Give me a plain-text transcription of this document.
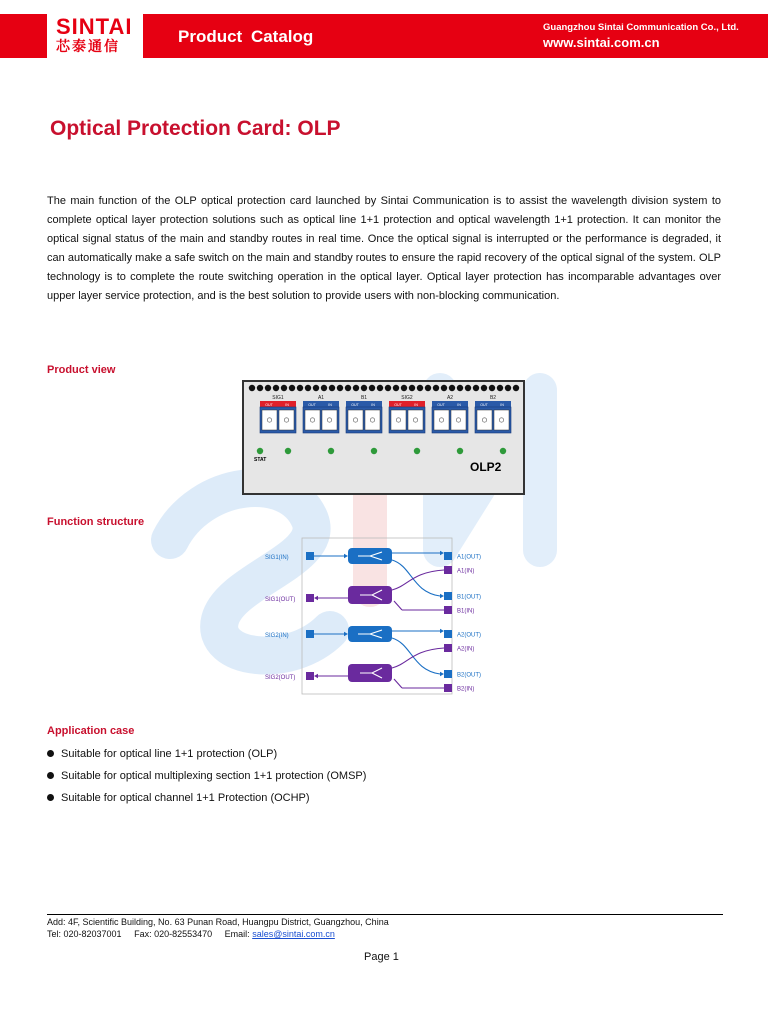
SINTAI
芯泰通信	Product Catalog	Guangzhou Sintai Communication Co., Ltd.
www.sintai.com.cn
Optical Protection Card: OLP
The main function of the OLP optical protection card launched by Sintai Communication is to assist the wavelength division system to complete optical layer protection solutions such as optical line 1+1 protection and optical wavelength 1+1 protection. It can monitor the optical signal status of the main and standby routes in real time. Once the optical signal is interrupted or the performance is degraded, it can automatically make a safe switch on the main and standby routes to ensure the rapid recovery of the optical signal of the system. OLP technology is to complete the route switching operation in the optical layer. Optical layer protection has incomparable advantages over upper layer service protection, and is the best solution to provide users with non-blocking communication.
Product view
SIG1
OUT	IN
A1
OUT	IN
B1
OUT	IN
SIG2
OUT	IN
A2
OUT	IN
B2
OUT	IN
STAT	OLP2
Function structure
SIG1(IN)
SIG1(OUT)
A1(OUT)
A1(IN)
B1(OUT)
B1(IN)
SIG2(IN)
SIG2(OUT)
A2(OUT)
A2(IN)
B2(OUT)
B2(IN)
Application case
Suitable for optical line 1+1 protection (OLP)
Suitable for optical multiplexing section 1+1 protection (OMSP)
Suitable for optical channel 1+1 Protection (OCHP)
Add: 4F, Scientific Building, No. 63 Punan Road, Huangpu District, Guangzhou, China
Tel: 020-82037001 Fax: 020-82553470 Email: sales@sintai.com.cn
Page 1
